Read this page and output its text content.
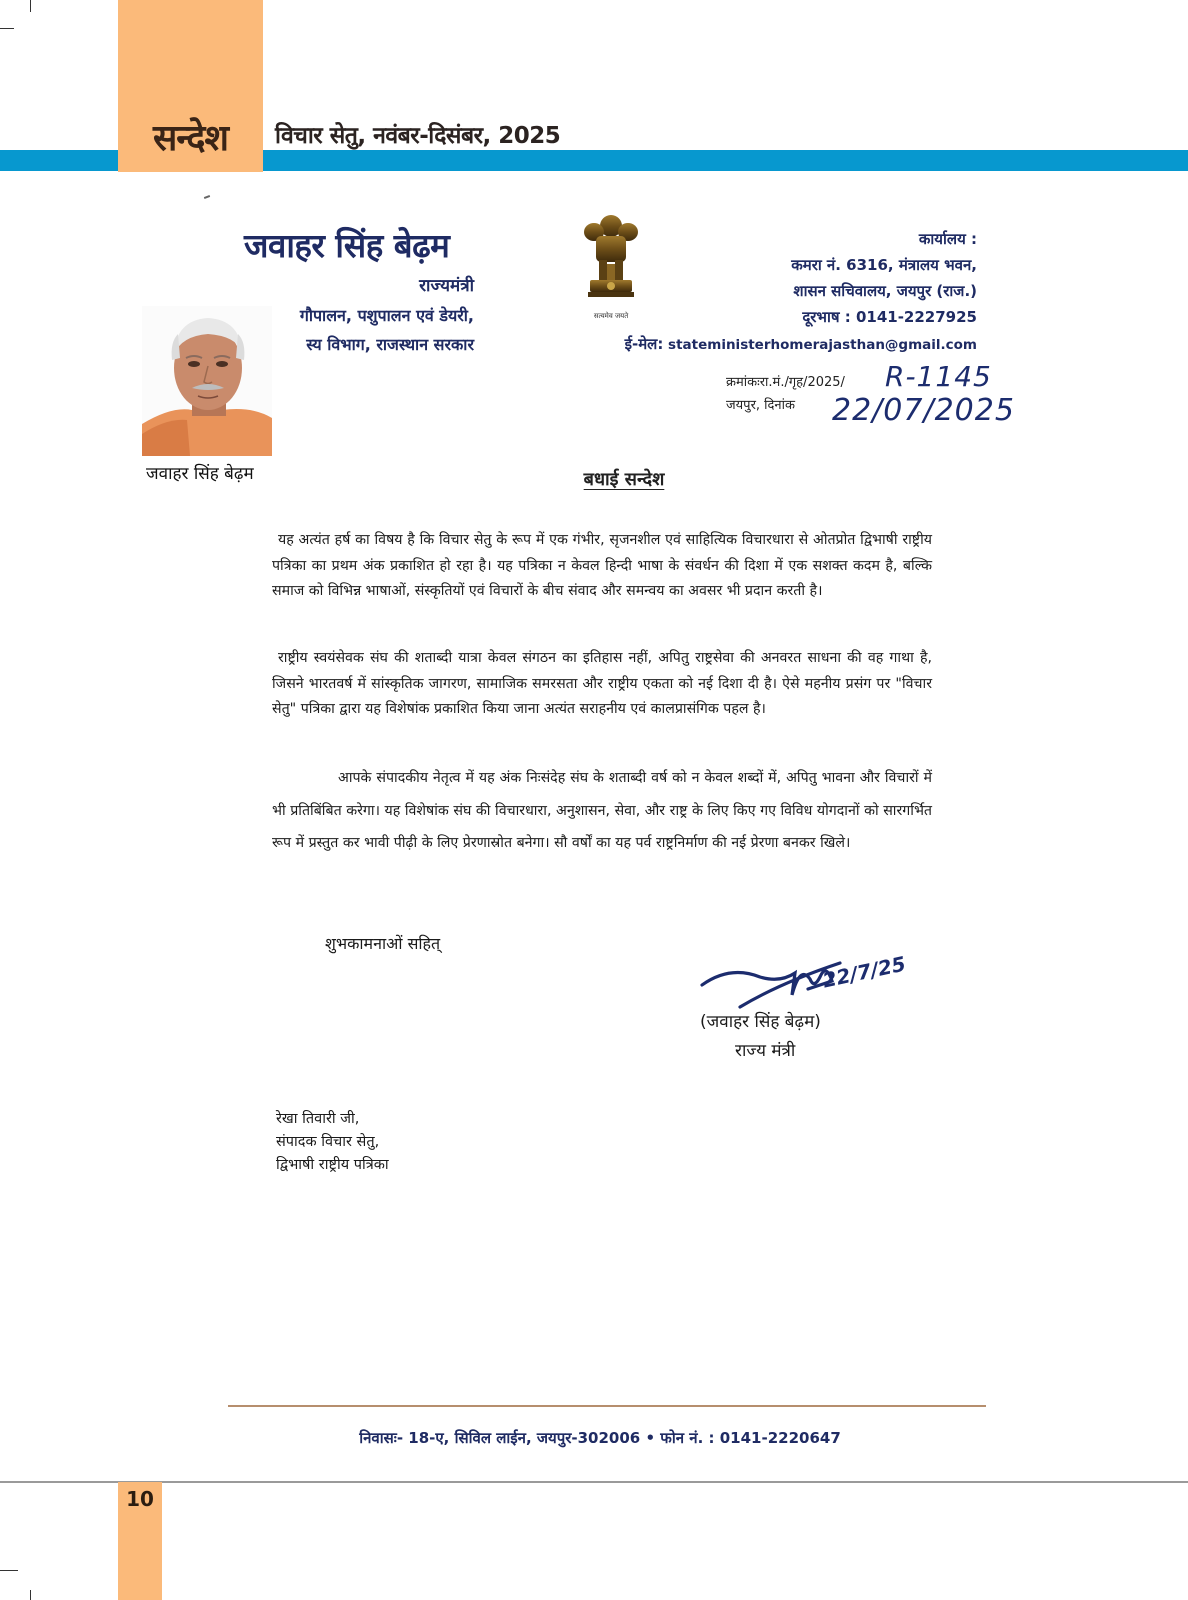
सन्देश	विचार सेतु, नवंबर-दिसंबर, 2025
जवाहर सिंह बेढ़म
राज्यमंत्री
गौपालन, पशुपालन एवं डेयरी,
स्य विभाग, राजस्थान सरकार
जवाहर सिंह बेढ़म
सत्यमेव जयते
कार्यालय :
कमरा नं. 6316, मंत्रालय भवन,
शासन सचिवालय, जयपुर (राज.)
दूरभाष : 0141-2227925
ई-मेल: stateministerhomerajasthan@gmail.com
क्रमांकःरा.मं./गृह/2025/ R-1145
जयपुर, दिनांक 22/07/2025
बधाई सन्देश
यह अत्यंत हर्ष का विषय है कि विचार सेतु के रूप में एक गंभीर, सृजनशील एवं साहित्यिक विचारधारा से ओतप्रोत द्विभाषी राष्ट्रीय पत्रिका का प्रथम अंक प्रकाशित हो रहा है। यह पत्रिका न केवल हिन्दी भाषा के संवर्धन की दिशा में एक सशक्त कदम है, बल्कि समाज को विभिन्न भाषाओं, संस्कृतियों एवं विचारों के बीच संवाद और समन्वय का अवसर भी प्रदान करती है।
राष्ट्रीय स्वयंसेवक संघ की शताब्दी यात्रा केवल संगठन का इतिहास नहीं, अपितु राष्ट्रसेवा की अनवरत साधना की वह गाथा है, जिसने भारतवर्ष में सांस्कृतिक जागरण, सामाजिक समरसता और राष्ट्रीय एकता को नई दिशा दी है। ऐसे महनीय प्रसंग पर "विचार सेतु" पत्रिका द्वारा यह विशेषांक प्रकाशित किया जाना अत्यंत सराहनीय एवं कालप्रासंगिक पहल है।
आपके संपादकीय नेतृत्व में यह अंक निःसंदेह संघ के शताब्दी वर्ष को न केवल शब्दों में, अपितु भावना और विचारों में भी प्रतिबिंबित करेगा। यह विशेषांक संघ की विचारधारा, अनुशासन, सेवा, और राष्ट्र के लिए किए गए विविध योगदानों को सारगर्भित रूप में प्रस्तुत कर भावी पीढ़ी के लिए प्रेरणास्रोत बनेगा। सौ वर्षों का यह पर्व राष्ट्रनिर्माण की नई प्रेरणा बनकर खिले।
शुभकामनाओं सहित्
22/7/25
(जवाहर सिंह बेढ़म)
राज्य मंत्री
रेखा तिवारी जी,
संपादक विचार सेतु,
द्विभाषी राष्ट्रीय पत्रिका
निवासः- 18-ए, सिविल लाईन, जयपुर-302006 • फोन नं. : 0141-2220647
10
